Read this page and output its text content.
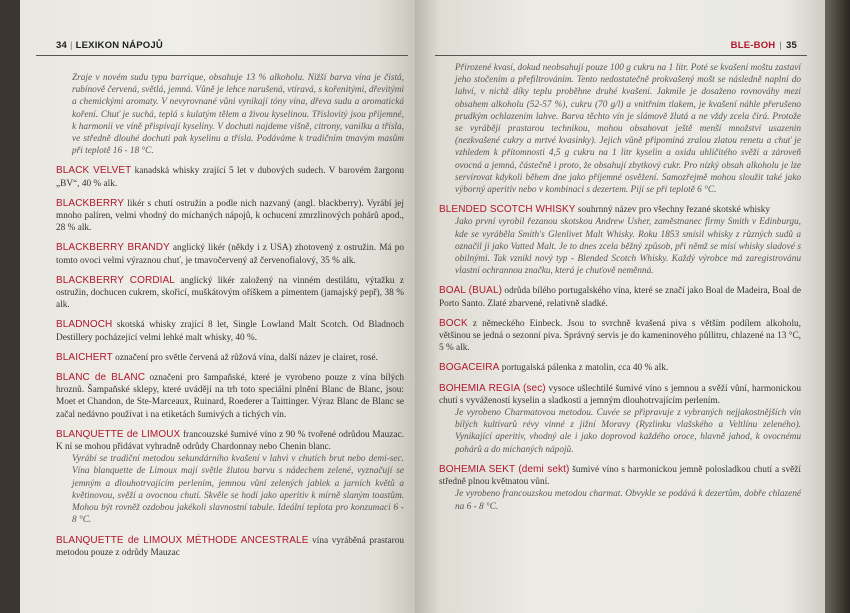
34 | LEXIKON NÁPOJŮ

Zraje v novém sudu typu barrique, obsahuje 13 % alkoholu. Nižší barva vína je čistá, rubínově červená, světlá, jemná. Vůně je lehce narušená, vtíravá, s kořenitými, dřevitými a chemickými aromaty. V nevyrovnané vůni vynikají tóny vína, dřeva sudu a aromatická koření. Chuť je suchá, teplá s kulatým tělem a živou kyselinou. Tříslovitý jsou příjemné, k harmonii ve víně přispívají kyseliny. V dochuti najdeme višně, citrony, vanilku a třísla, ve středně dlouhé dochuti pak kyselinu a třísla. Podáváme k tradičním tmavým masům při teplotě 16 - 18 °C.

BLACK VELVET kanadská whisky zrající 5 let v dubových sudech. V barovém žargonu „BV“, 40 % alk.

BLACKBERRY likér s chutí ostružin a podle nich nazvaný (angl. blackberry). Vyrábí jej mnoho palíren, velmi vhodný do míchaných nápojů, k ochucení zmrzlinových pohárů apod., 28 % alk.

BLACKBERRY BRANDY anglický likér (někdy i z USA) zhotovený z ostružin. Má po tomto ovoci velmi výraznou chuť, je tmavočervený až červenofialový, 35 % alk.

BLACKBERRY CORDIAL anglický likér založený na vinném destilátu, výtažku z ostružin, dochucen cukrem, skořicí, muškátovým oříškem a pimentem (jamajský pepř), 38 % alk.

BLADNOCH skotská whisky zrající 8 let, Single Lowland Malt Scotch. Od Bladnoch Destillery pocházející velmi lehké malt whisky, 40 %.

BLAICHERT označení pro světle červená až růžová vína, další název je clairet, rosé.

BLANC de BLANC označení pro šampaňské, které je vyrobeno pouze z vína bílých hroznů. Šampaňské sklepy, které uvádějí na trh toto speciální plnění Blanc de Blanc, jsou: Moet et Chandon, de Ste-Marceaux, Ruinard, Roederer a Taittinger. Výraz Blanc de Blanc se začal nedávno používat i na etiketách šumivých a tichých vín.

BLANQUETTE de LIMOUX francouzské šumivé víno z 90 % tvořené odrůdou Mauzac. K ní se mohou přidávat vyhradně odrůdy Chardonnay nebo Chenin blanc.

Vyrábí se tradiční metodou sekundárního kvašení v lahvi v chutích brut nebo demi-sec. Vína blanquette de Limoux mají světle žlutou barvu s nádechem zelené, vyznačují se jemným a dlouhotrvajícím perlením, jemnou vůní zelených jablek a jarních květů a květinovou, svěží a ovocnou chutí. Skvěle se hodí jako aperitiv k mírně slaným toastům. Mohou být rovněž ozdobou jakékoli slavnostní tabule. Ideální teplota pro konzumaci 6 - 8 °C.

BLANQUETTE de LIMOUX MÉTHODE ANCESTRALE vína vyráběná prastarou metodou pouze z odrůdy Mauzac

BLE-BOH | 35

Přirozené kvasí, dokud neobsahují pouze 100 g cukru na 1 litr. Poté se kvašení moštu zastaví jeho stočením a přefiltrováním. Tento nedostatečně prokvašený mošt se následně naplní do lahví, v nichž díky teplu proběhne druhé kvašení. Jakmile je dosaženo rovnováhy mezi obsahem alkoholu (52-57 %), cukru (70 g/l) a vnitřním tlakem, je kvašení náhle přerušeno prudkým ochlazením lahve. Barva těchto vín je slámově žlutá a ne vždy zcela čirá. Protože se vyrábějí prastarou technikou, mohou obsahovat ještě menší množství usazenin (nezkvašené cukry a mrtvé kvasinky). Jejich vůně připomíná zralou zlatou renetu a chuť je vzhledem k přítomnosti 4,5 g cukru na 1 litr kyselin a oxidu uhličitého svěží a zároveň ovocná a jemná, částečně i proto, že obsahují zbytkový cukr. Pro nízký obsah alkoholu je lze servírovat kdykoli během dne jako příjemné osvěžení. Samozřejmě mohou sloužit také jako výborný aperitiv nebo v kombinaci s dezertem. Pijí se při teplotě 6 °C.

BLENDED SCOTCH WHISKY souhrnný název pro všechny řezané skotské whisky

Jako první vyrobil řezanou skotskou Andrew Usher, zaměstnanec firmy Smith v Edinburgu, kde se vyráběla Smith's Glenlivet Malt Whisky. Roku 1853 smísil whisky z různých sudů a označil ji jako Vatted Malt. Je to dnes zcela běžný způsob, při němž se mísí whisky sladové s obilnými. Tak vznikl nový typ - Blended Scotch Whisky. Každý výrobce má zaregistrovánu vlastní ochrannou značku, která je chuťově neměnná.

BOAL (BUAL) odrůda bílého portugalského vína, které se značí jako Boal de Madeira, Boal de Porto Santo. Zlaté zbarvené, relativně sladké.

BOCK z německého Einbeck. Jsou to svrchně kvašená piva s větším podílem alkoholu, většinou se jedná o sezonní piva. Správný servis je do kameninového půllitru, chlazené na 13 °C, 5 % alk.

BOGACEIRA portugalská pálenka z matolin, cca 40 % alk.

BOHEMIA REGIA (sec) vysoce ušlechtilé šumivé víno s jemnou a svěží vůní, harmonickou chutí s vyvážeností kyselin a sladkosti a jemným dlouhotrvajícím perlením.

Je vyrobeno Charmatovou metodou. Cuvée se připravuje z vybraných nejjakostnějších vín bílých kultivarů révy vinné z jižní Moravy (Ryzlinku vlašského a Veltlínu zeleného). Vynikající aperitiv, vhodný ale i jako doprovod každého oroce, hlavně jahod, k ovocnému pohárů a do míchaných nápojů.

BOHEMIA SEKT (demi sekt) šumivé víno s harmonickou jemně polosladkou chutí a svěží středně plnou květnatou vůní.

Je vyrobeno francouzskou metodou charmat. Obvykle se podává k dezertům, dobře chlazené na 6 - 8 °C.
